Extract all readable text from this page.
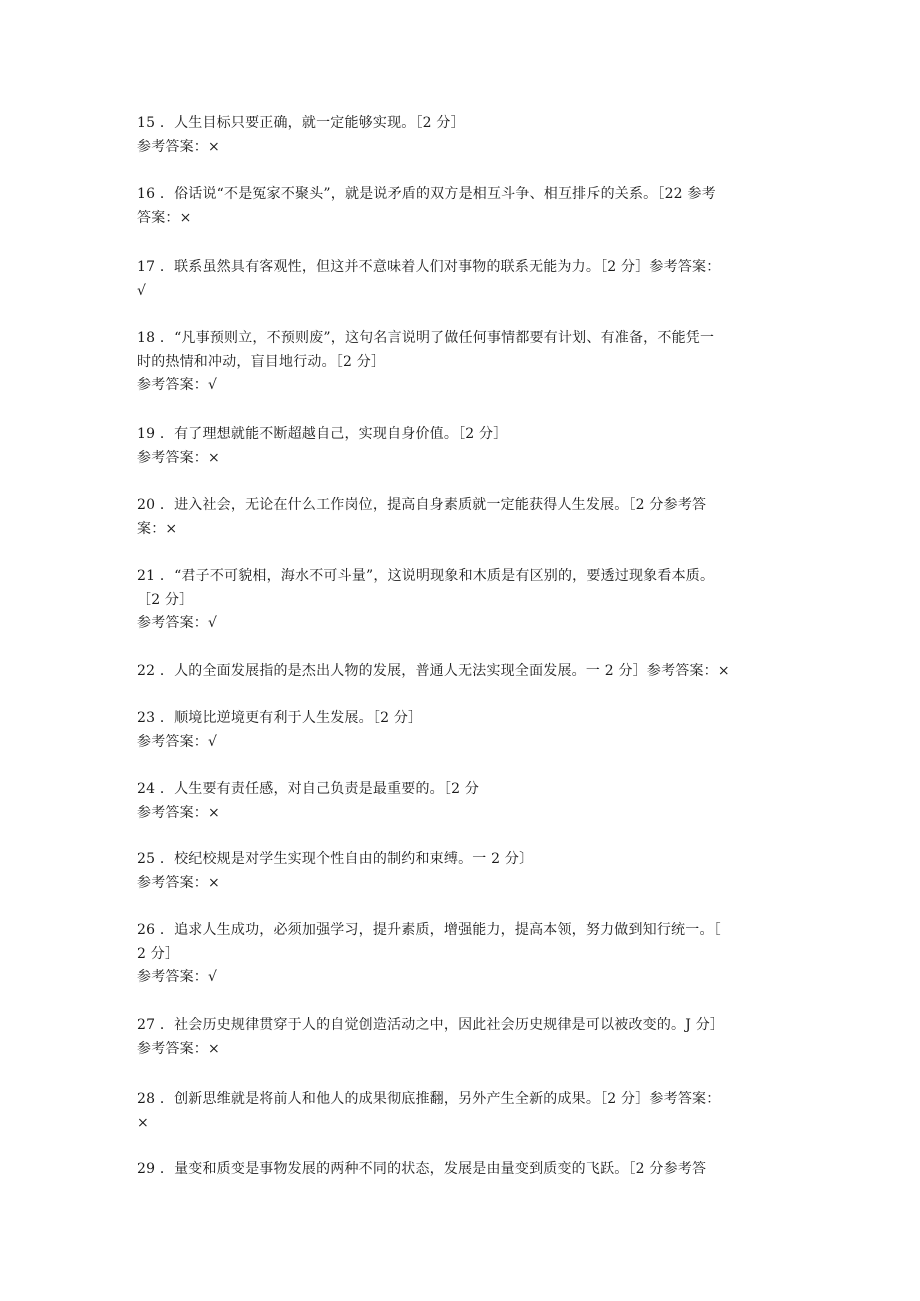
15 ．人生目标只要正确，就一定能够实现。［2 分］
参考答案：×
16 ．俗话说“不是冤家不聚头”，就是说矛盾的双方是相互斗争、相互排斥的关系。［22 参考
答案：×
17 ．联系虽然具有客观性，但这并不意味着人们对事物的联系无能为力。［2 分］参考答案：
√
18 ．“凡事预则立，不预则废”，这句名言说明了做任何事情都要有计划、有准备，不能凭一
时的热情和冲动，盲目地行动。［2 分］
参考答案：√
19 ．有了理想就能不断超越自己，实现自身价值。［2 分］
参考答案：×
20 ．进入社会，无论在什么工作岗位，提高自身素质就一定能获得人生发展。［2 分参考答
案：×
21 ．“君子不可貌相，海水不可斗量”，这说明现象和木质是有区别的，要透过现象看本质。
［2 分］
参考答案：√
22 ．人的全面发展指的是杰出人物的发展，普通人无法实现全面发展。一 2 分］参考答案：×
23 ．顺境比逆境更有利于人生发展。［2 分］
参考答案：√
24 ．人生要有责任感，对自己负责是最重要的。［2 分
参考答案：×
25 ．校纪校规是对学生实现个性自由的制约和束缚。一 2 分〕
参考答案：×
26 ．追求人生成功，必须加强学习，提升素质，增强能力，提高本领，努力做到知行统一。［
2 分］
参考答案：√
27 ．社会历史规律贯穿于人的自觉创造活动之中，因此社会历史规律是可以被改变的。J 分］
参考答案：×
28 ．创新思维就是将前人和他人的成果彻底推翻，另外产生全新的成果。［2 分］参考答案：
×
29 ．量变和质变是事物发展的两种不同的状态，发展是由量变到质变的飞跃。［2 分参考答
